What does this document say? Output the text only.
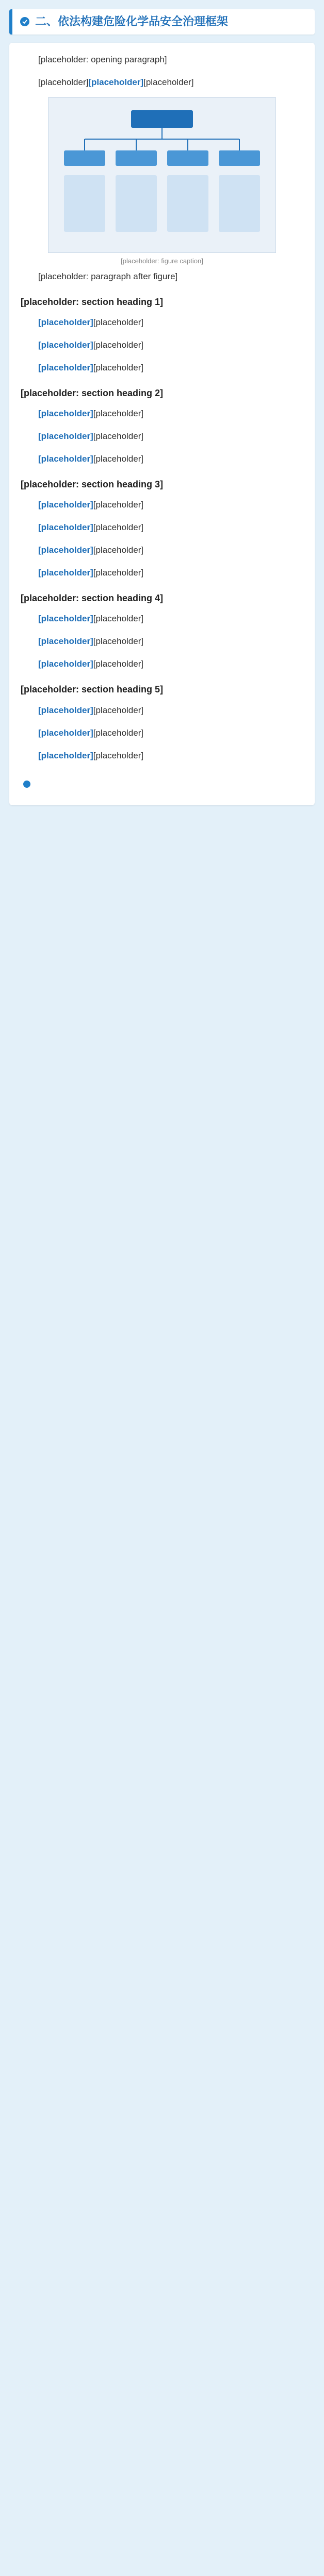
二、依法构建危险化学品安全治理框架

[placeholder: opening paragraph]

[placeholder][placeholder][placeholder]

[placeholder: figure caption]

[placeholder: paragraph after figure]

[placeholder: section heading 1]

[placeholder][placeholder]

[placeholder][placeholder]

[placeholder][placeholder]

[placeholder: section heading 2]

[placeholder][placeholder]

[placeholder][placeholder]

[placeholder][placeholder]

[placeholder: section heading 3]

[placeholder][placeholder]

[placeholder][placeholder]

[placeholder][placeholder]

[placeholder][placeholder]

[placeholder: section heading 4]

[placeholder][placeholder]

[placeholder][placeholder]

[placeholder][placeholder]

[placeholder: section heading 5]

[placeholder][placeholder]

[placeholder][placeholder]

[placeholder][placeholder]
